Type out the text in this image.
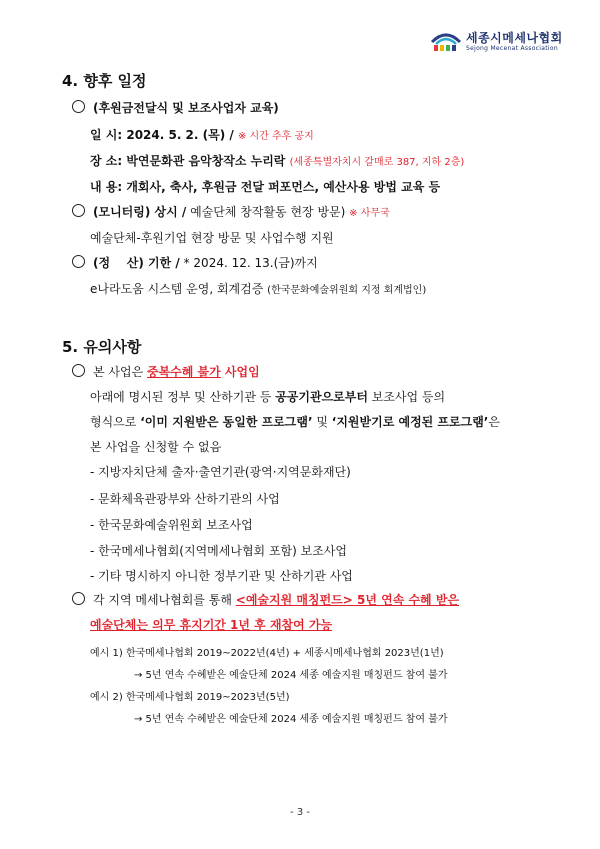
세종시메세나협회
Sejong Mecenat Association
4. 향후 일정
(후원금전달식 및 보조사업자 교육)
일 시: 2024. 5. 2. (목) / ※ 시간 추후 공지
장 소: 박연문화관 음악창작소 누리락 (세종특별자치시 갈매로 387, 지하 2층)
내 용: 개회사, 축사, 후원금 전달 퍼포먼스, 예산사용 방법 교육 등
(모니터링) 상시 / 예술단체 창작활동 현장 방문) ※ 사무국
예술단체-후원기업 현장 방문 및 사업수행 지원
(정    산) 기한 / * 2024. 12. 13.(금)까지
e나라도움 시스템 운영, 회계검증 (한국문화예술위원회 지정 회계법인)
5. 유의사항
본 사업은 중복수혜 불가 사업임
아래에 명시된 정부 및 산하기관 등 공공기관으로부터 보조사업 등의
형식으로 ‘이미 지원받은 동일한 프로그램’ 및 ‘지원받기로 예정된 프로그램’은
본 사업을 신청할 수 없음
- 지방자치단체 출자·출연기관(광역·지역문화재단)
- 문화체육관광부와 산하기관의 사업
- 한국문화예술위원회 보조사업
- 한국메세나협회(지역메세나협회 포함) 보조사업
- 기타 명시하지 아니한 정부기관 및 산하기관 사업
각 지역 메세나협회를 통해 <예술지원 매칭펀드> 5년 연속 수혜 받은
예술단체는 의무 휴지기간 1년 후 재참여 가능
예시 1) 한국메세나협회 2019~2022년(4년) + 세종시메세나협회 2023년(1년)
→ 5년 연속 수혜받은 예술단체 2024 세종 예술지원 매칭펀드 참여 불가
예시 2) 한국메세나협회 2019~2023년(5년)
→ 5년 연속 수혜받은 예술단체 2024 세종 예술지원 매칭펀드 참여 불가
- 3 -
